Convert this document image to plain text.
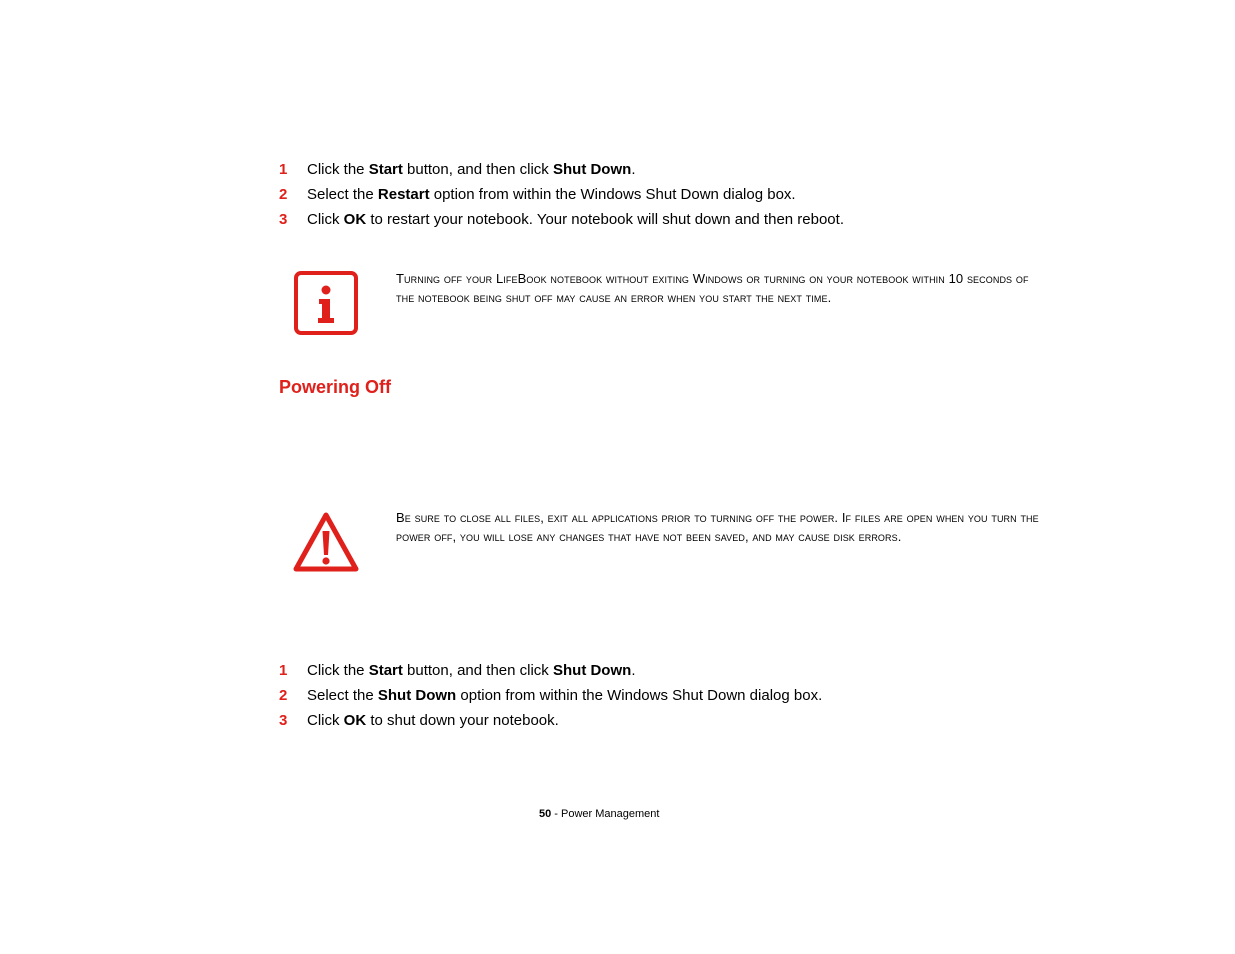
1	Click the Start button, and then click Shut Down.
2	Select the Restart option from within the Windows Shut Down dialog box.
3	Click OK to restart your notebook. Your notebook will shut down and then reboot.
Turning off your LifeBook notebook without exiting Windows or turning on your notebook within 10 seconds of the notebook being shut off may cause an error when you start the next time.
Powering Off
Be sure to close all files, exit all applications prior to turning off the power. If files are open when you turn the power off, you will lose any changes that have not been saved, and may cause disk errors.
1	Click the Start button, and then click Shut Down.
2	Select the Shut Down option from within the Windows Shut Down dialog box.
3	Click OK to shut down your notebook.
50 - Power Management
